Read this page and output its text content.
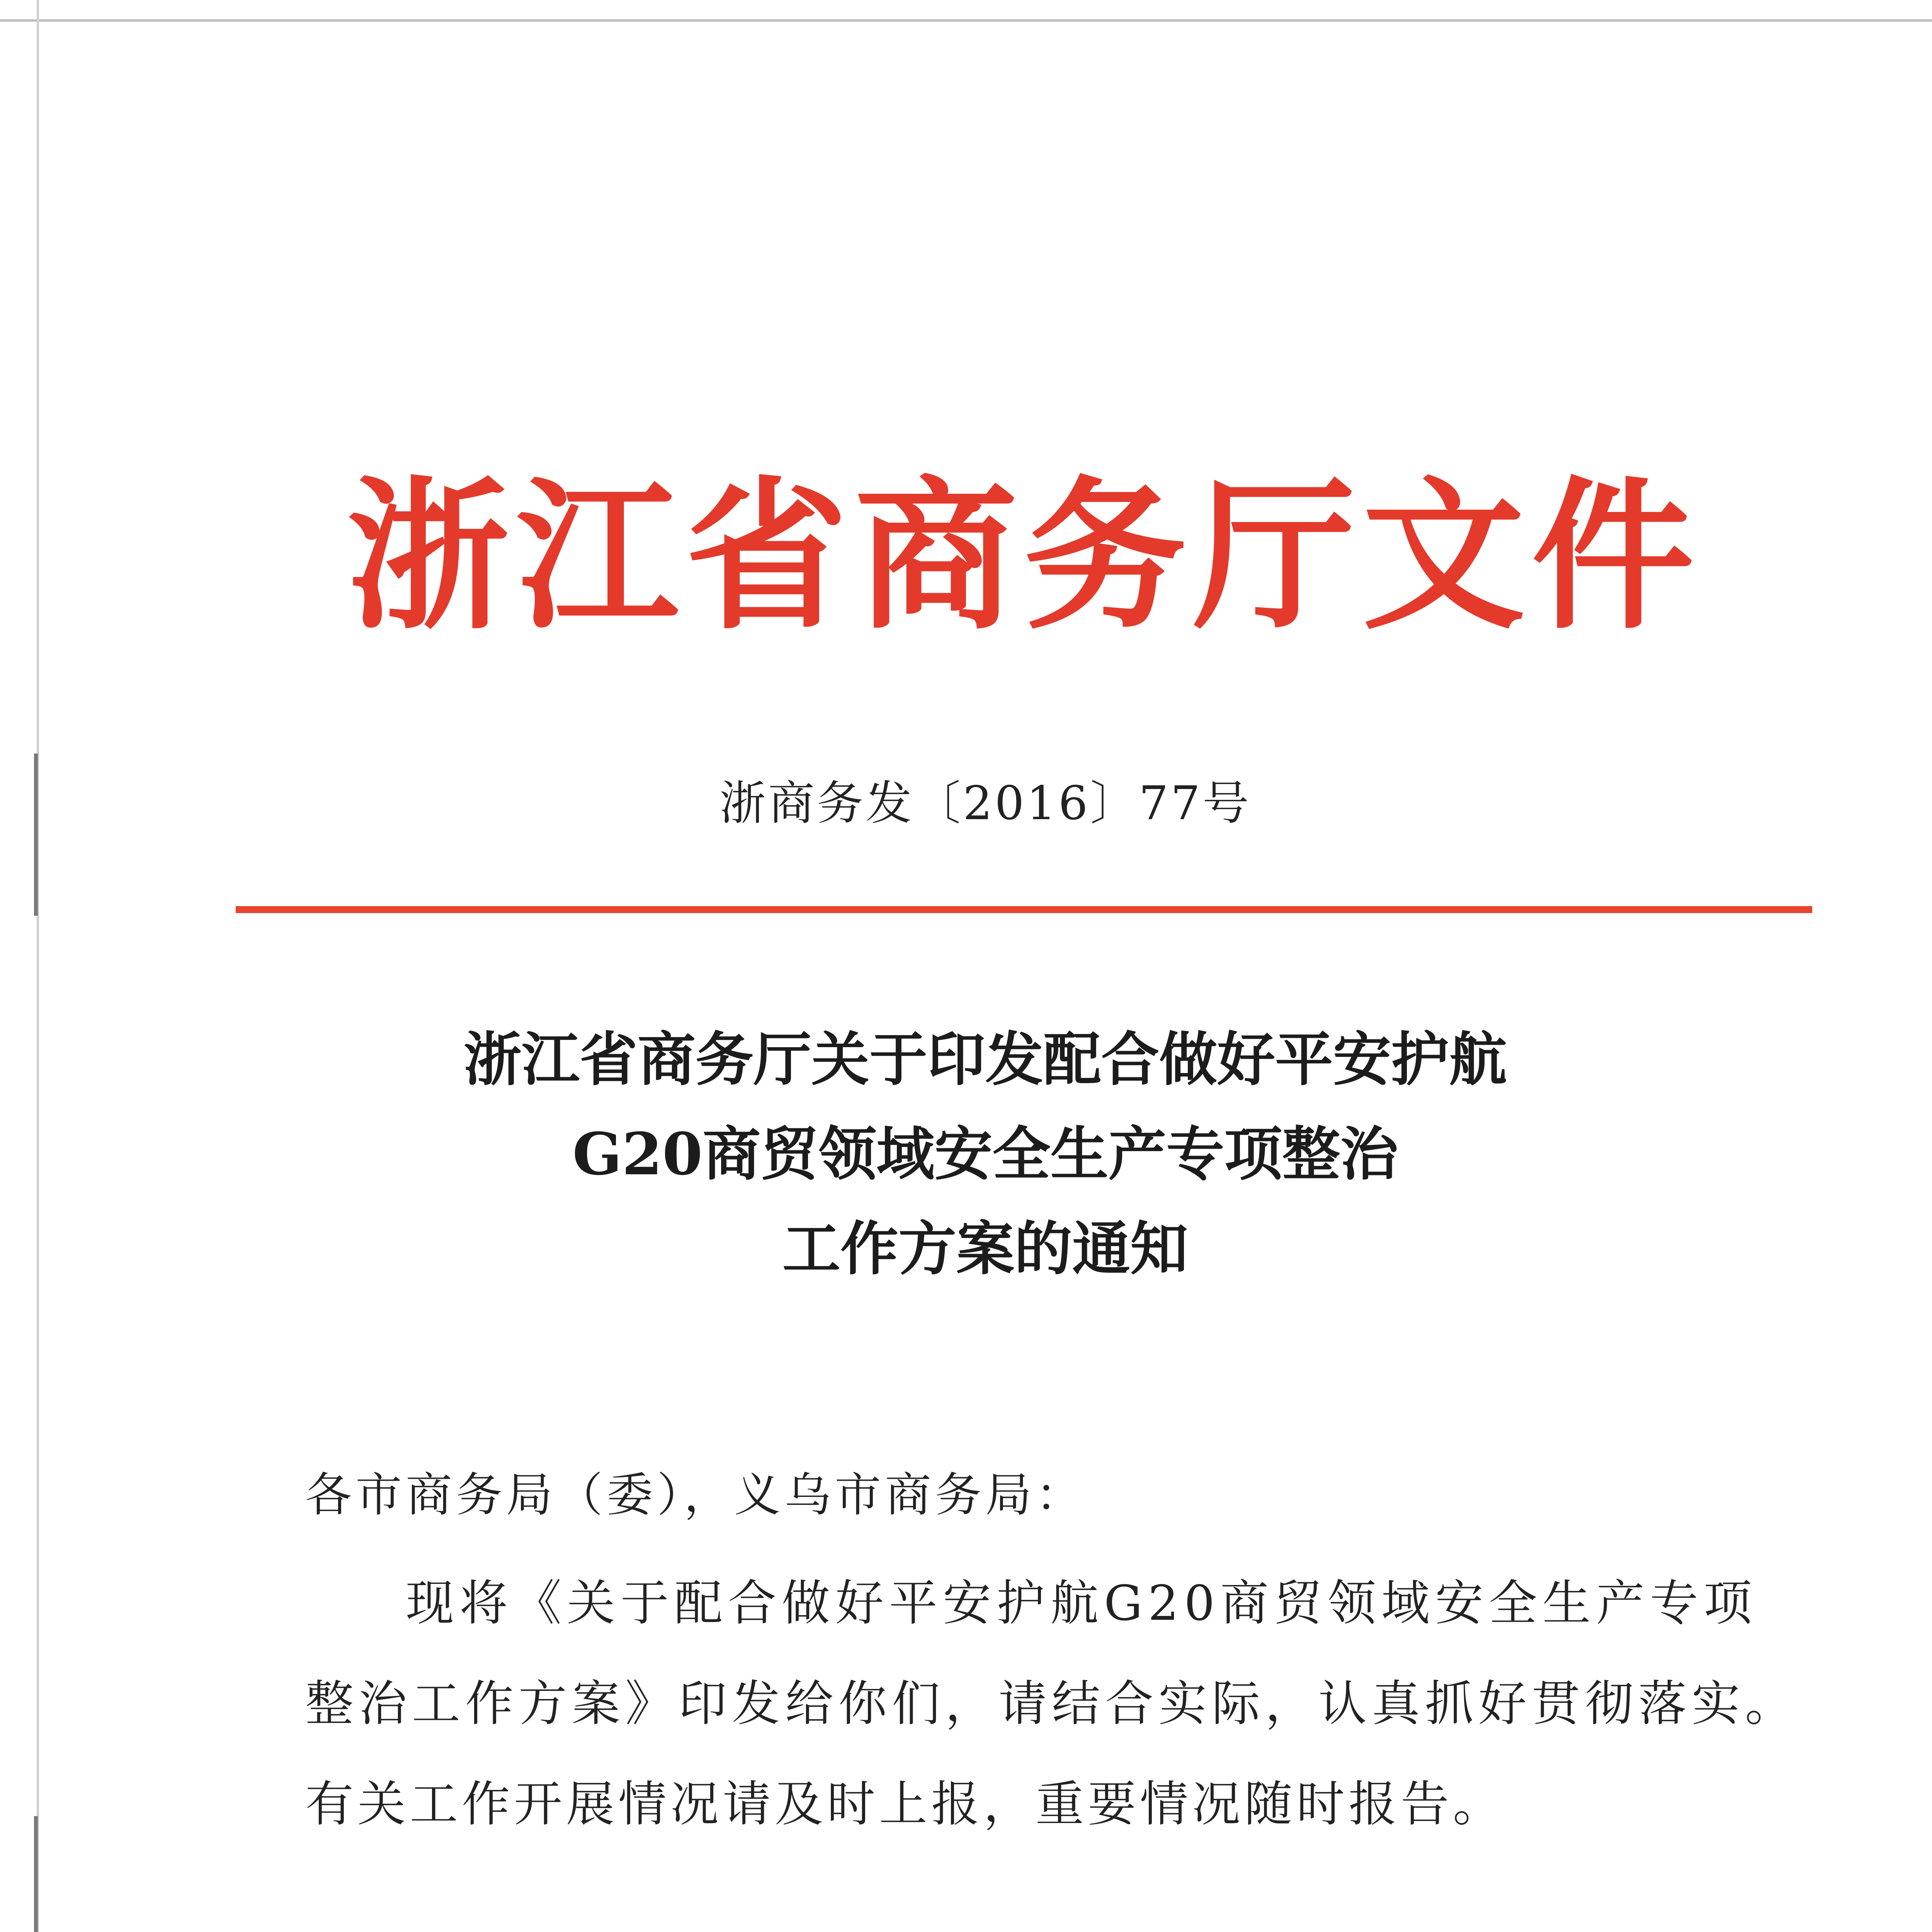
浙江省商务厅文件
浙商务发〔2016〕77号
浙江省商务厅关于印发配合做好平安护航
G20商贸领域安全生产专项整治
工作方案的通知
各市商务局（委），义乌市商务局：
现将《关于配合做好平安护航G20商贸领域安全生产专项
整治工作方案》印发给你们，请结合实际，认真抓好贯彻落实。
有关工作开展情况请及时上报，重要情况随时报告。
